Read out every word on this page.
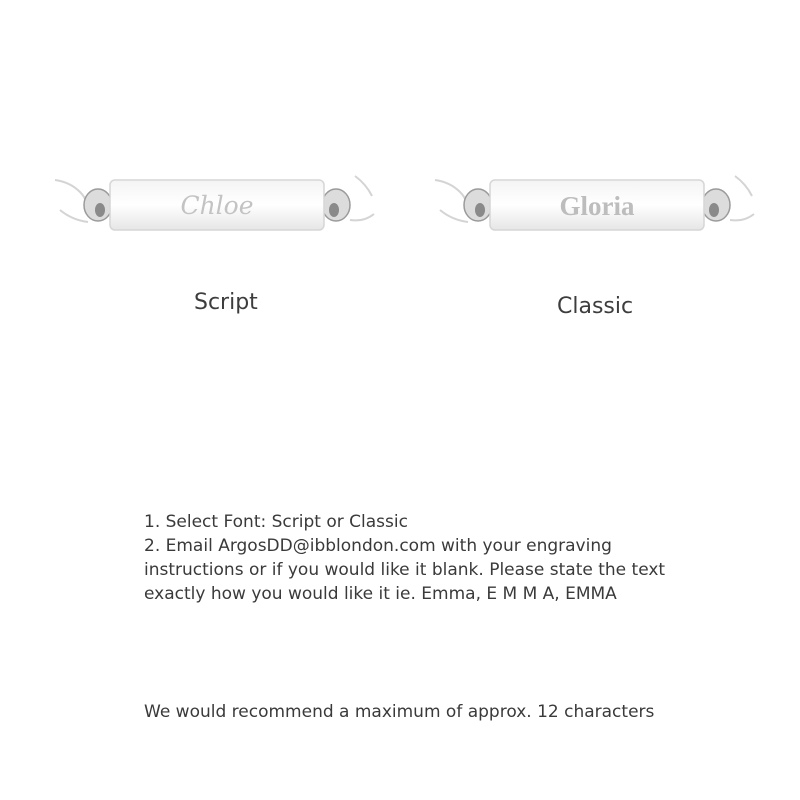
Chloe	Gloria
Script	Classic

1. Select Font: Script or Classic

2. Email ArgosDD@ibblondon.com with your engraving

instructions or if you would like it blank. Please state the text

exactly how you would like it ie. Emma, E M M A, EMMA

We would recommend a maximum of approx. 12 characters
